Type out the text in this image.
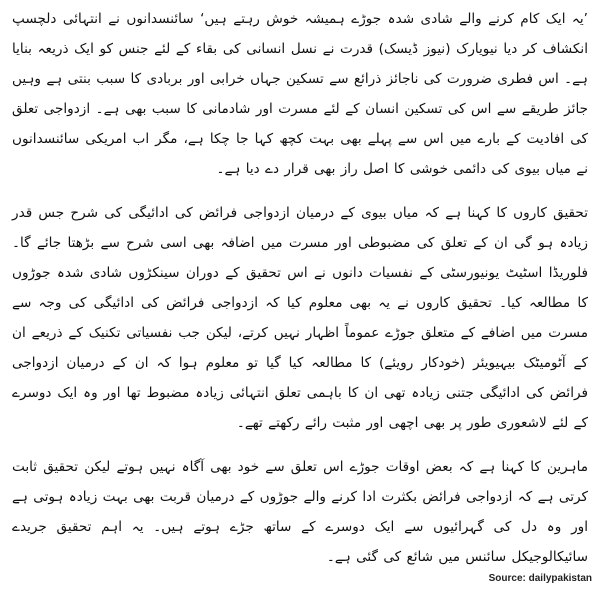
’یہ ایک کام کرنے والے شادی شدہ جوڑے ہمیشہ خوش رہتے ہیں‘ سائنسدانوں نے انتہائی دلچسپ انکشاف کر دیا نیویارک (نیوز ڈیسک) قدرت نے نسل انسانی کی بقاء کے لئے جنس کو ایک ذریعہ بنایا ہے۔ اس فطری ضرورت کی ناجائز ذرائع سے تسکین جہاں خرابی اور بربادی کا سبب بنتی ہے وہیں جائز طریقے سے اس کی تسکین انسان کے لئے مسرت اور شادمانی کا سبب بھی ہے۔ ازدواجی تعلق کی افادیت کے بارے میں اس سے پہلے بھی بہت کچھ کہا جا چکا ہے، مگر اب امریکی سائنسدانوں نے میاں بیوی کی دائمی خوشی کا اصل راز بھی قرار دے دیا ہے۔

تحقیق کاروں کا کہنا ہے کہ میاں بیوی کے درمیان ازدواجی فرائض کی ادائیگی کی شرح جس قدر زیادہ ہو گی ان کے تعلق کی مضبوطی اور مسرت میں اضافہ بھی اسی شرح سے بڑھتا جائے گا۔ فلوریڈا اسٹیٹ یونیورسٹی کے نفسیات دانوں نے اس تحقیق کے دوران سینکڑوں شادی شدہ جوڑوں کا مطالعہ کیا۔ تحقیق کاروں نے یہ بھی معلوم کیا کہ ازدواجی فرائض کی ادائیگی کی وجہ سے مسرت میں اضافے کے متعلق جوڑے عموماً اظہار نہیں کرتے، لیکن جب نفسیاتی تکنیک کے ذریعے ان کے آٹومیٹک بیہیویئر (خودکار رویئے) کا مطالعہ کیا گیا تو معلوم ہوا کہ ان کے درمیان ازدواجی فرائض کی ادائیگی جتنی زیادہ تھی ان کا باہمی تعلق انتہائی زیادہ مضبوط تھا اور وہ ایک دوسرے کے لئے لاشعوری طور پر بھی اچھی اور مثبت رائے رکھتے تھے۔

ماہرین کا کہنا ہے کہ بعض اوقات جوڑے اس تعلق سے خود بھی آگاہ نہیں ہوتے لیکن تحقیق ثابت کرتی ہے کہ ازدواجی فرائض بکثرت ادا کرنے والے جوڑوں کے درمیان قربت بھی بہت زیادہ ہوتی ہے اور وہ دل کی گہرائیوں سے ایک دوسرے کے ساتھ جڑے ہوتے ہیں۔ یہ اہم تحقیق جریدے سائیکالوجیکل سائنس میں شائع کی گئی ہے۔

Source: dailypakistan
